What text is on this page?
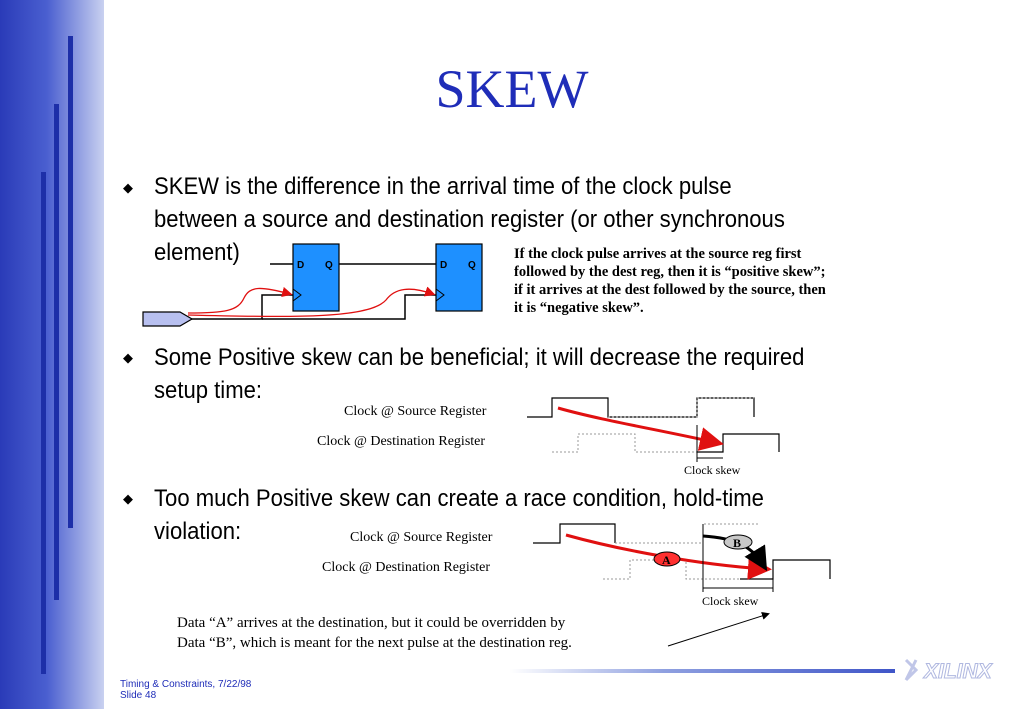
SKEW
◆ SKEW is the difference in the arrival time of the clock pulse
between a source and destination register (or other synchronous
element)
◆ Some Positive skew can be beneficial; it will decrease the required
setup time:
◆ Too much Positive skew can create a race condition, hold-time
violation:
If the clock pulse arrives at the source reg first
followed by the dest reg, then it is “positive skew”;
if it arrives at the dest followed by the source, then
it is “negative skew”.
Clock @ Source Register
Clock @ Destination Register
Clock skew
Clock @ Source Register
Clock @ Destination Register
Clock skew
Data “A” arrives at the destination, but it could be overridden by
Data “B”, which is meant for the next pulse at the destination reg.
D Q	D Q
A
B
Timing & Constraints, 7/22/98
Slide 48
XILINX
